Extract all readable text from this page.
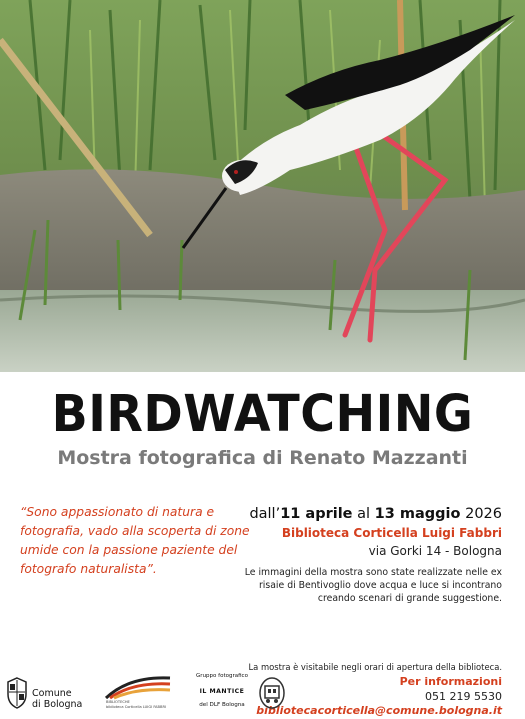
BIRDWATCHING
Mostra fotografica di Renato Mazzanti
“Sono appassionato di natura e fotografia, vado alla scoperta di zone umide con la passione paziente del fotografo naturalista”.
dall’11 aprile al 13 maggio 2026
Biblioteca Corticella Luigi Fabbri
via Gorki 14 - Bologna
Le immagini della mostra sono state realizzate nelle ex risaie di Bentivoglio dove acqua e luce si incontrano creando scenari di grande suggestione.
La mostra è visitabile negli orari di apertura della biblioteca.
Per informazioni
051 219 5530
bibliotecacorticella@comune.bologna.it
Comune
di Bologna	BIBLIOTECHE
biblioteca Corticella LUIGI FABBRI
Gruppo fotografico
IL MANTICE
del DLF Bologna
